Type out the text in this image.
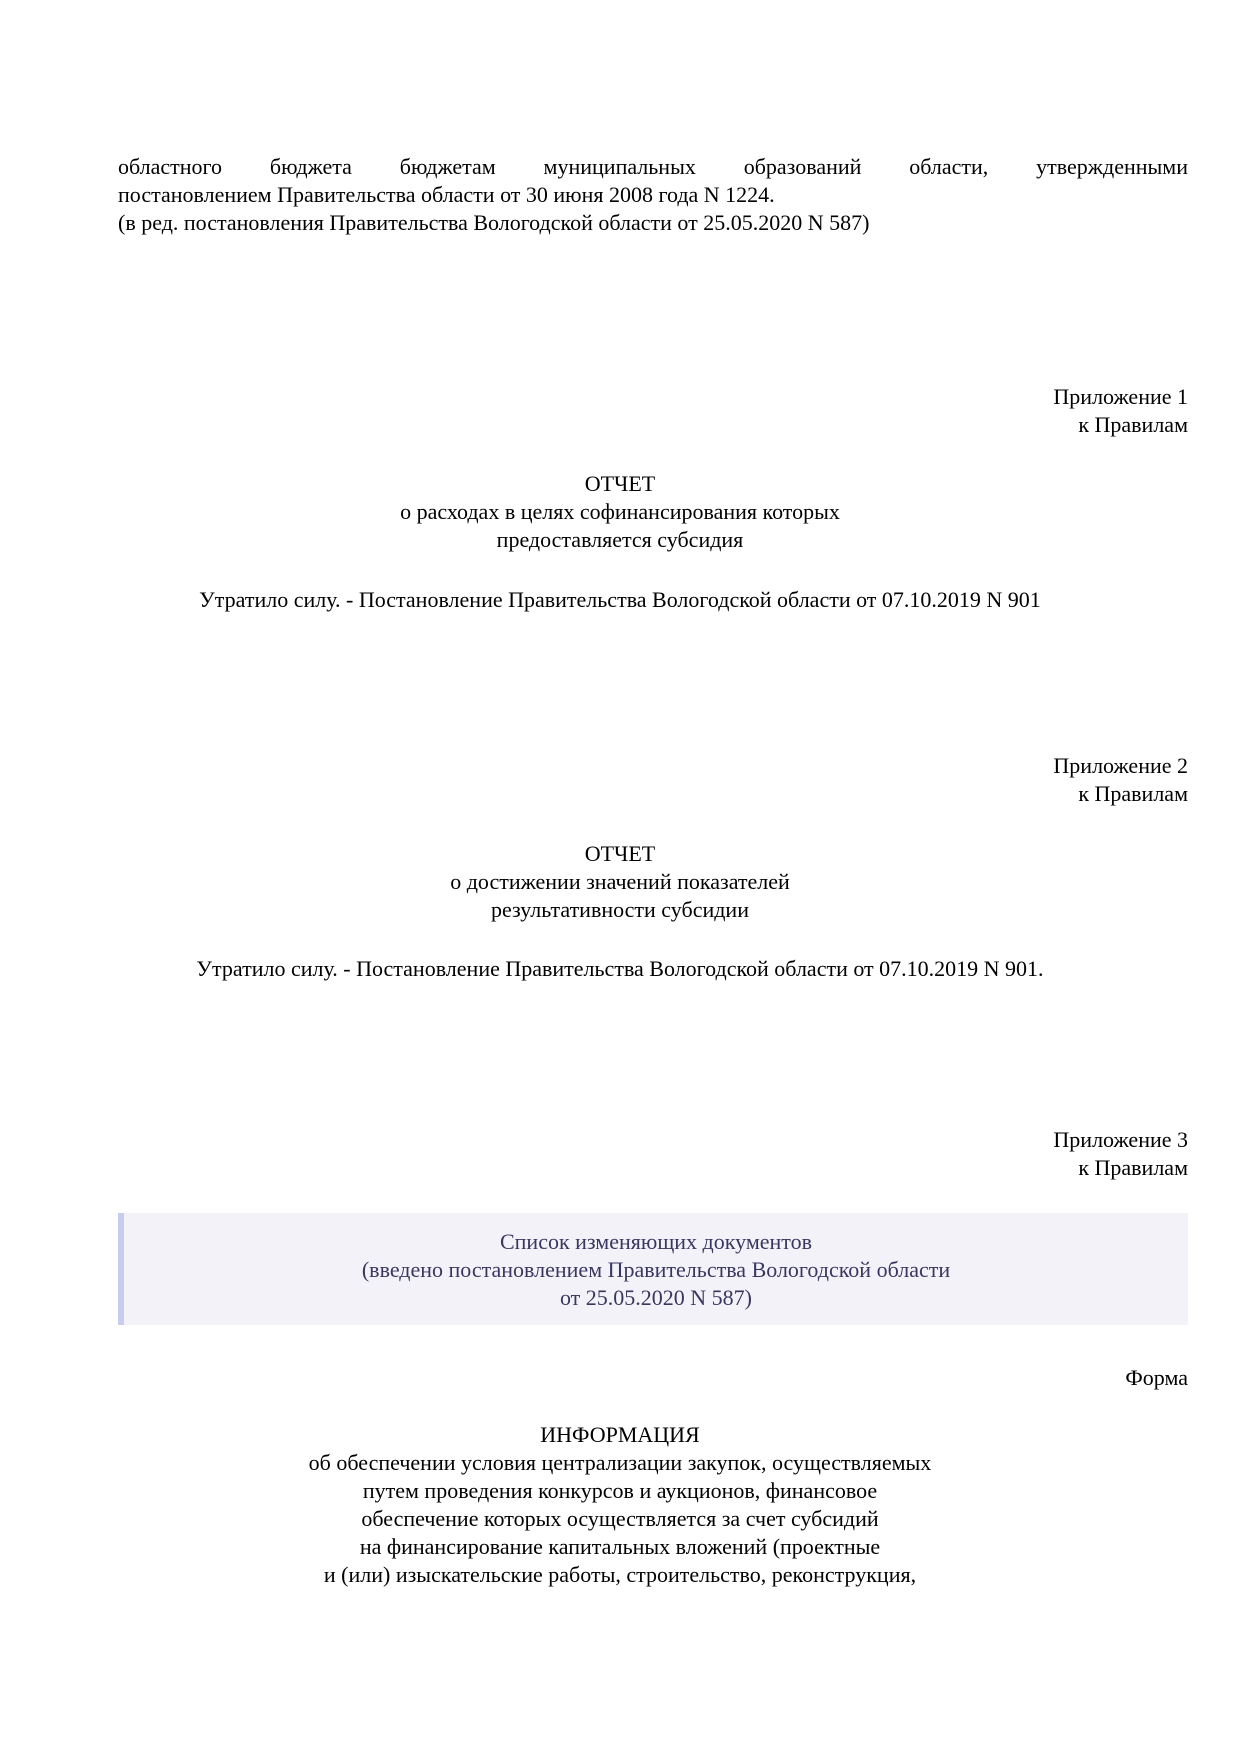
областного бюджета бюджетам муниципальных образований области, утвержденными
постановлением Правительства области от 30 июня 2008 года N 1224.
(в ред. постановления Правительства Вологодской области от 25.05.2020 N 587)
Приложение 1
к Правилам
ОТЧЕТ
о расходах в целях софинансирования которых
предоставляется субсидия
Утратило силу. - Постановление Правительства Вологодской области от 07.10.2019 N 901
Приложение 2
к Правилам
ОТЧЕТ
о достижении значений показателей
результативности субсидии
Утратило силу. - Постановление Правительства Вологодской области от 07.10.2019 N 901.
Приложение 3
к Правилам
Список изменяющих документов
(введено постановлением Правительства Вологодской области
от 25.05.2020 N 587)
Форма
ИНФОРМАЦИЯ
об обеспечении условия централизации закупок, осуществляемых
путем проведения конкурсов и аукционов, финансовое
обеспечение которых осуществляется за счет субсидий
на финансирование капитальных вложений (проектные
и (или) изыскательские работы, строительство, реконструкция,
